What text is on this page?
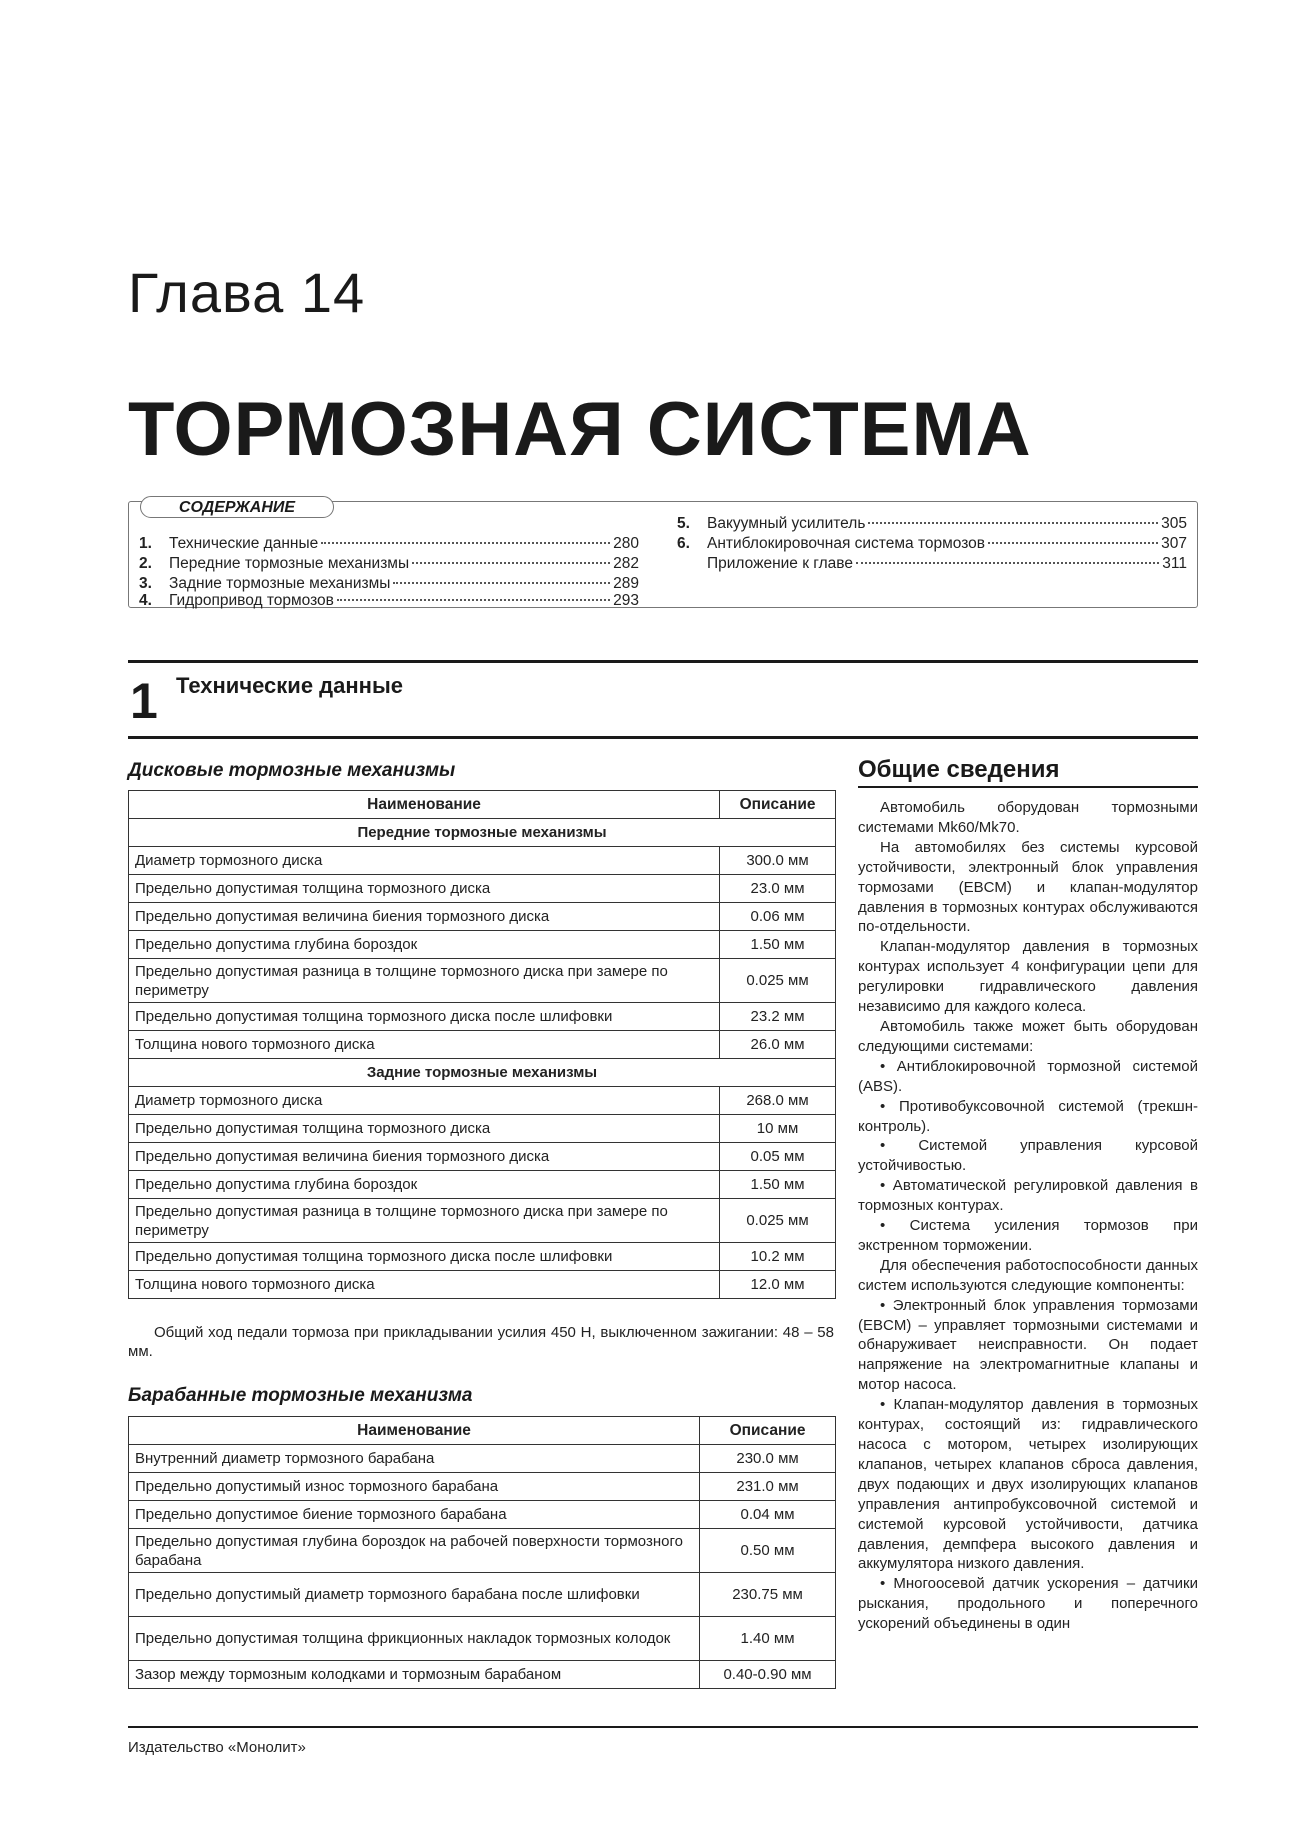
Глава 14
ТОРМОЗНАЯ СИСТЕМА
1.	Технические данные	280
2.	Передние тормозные механизмы	282
3.	Задние тормозные механизмы	289
4.	Гидропривод тормозов	293
5.	Вакуумный усилитель	305
6.	Антиблокировочная система тормозов	307
Приложение к главе	311
СОДЕРЖАНИЕ
1 Технические данные
Дисковые тормозные механизмы
Наименование	Описание
Передние тормозные механизмы	
Диаметр тормозного диска	300.0 мм
Предельно допустимая толщина тормозного диска	23.0 мм
Предельно допустимая величина биения тормозного диска	0.06 мм
Предельно допустима глубина бороздок	1.50 мм
Предельно допустимая разница в толщине тормозного диска при замере по периметру	0.025 мм
Предельно допустимая толщина тормозного диска после шлифовки	23.2 мм
Толщина нового тормозного диска	26.0 мм
Задние тормозные механизмы	
Диаметр тормозного диска	268.0 мм
Предельно допустимая толщина тормозного диска	10 мм
Предельно допустимая величина биения тормозного диска	0.05 мм
Предельно допустима глубина бороздок	1.50 мм
Предельно допустимая разница в толщине тормозного диска при замере по периметру	0.025 мм
Предельно допустимая толщина тормозного диска после шлифовки	10.2 мм
Толщина нового тормозного диска	12.0 мм

Общий ход педали тормоза при прикладывании усилия 450 Н, выключенном зажигании: 48 – 58 мм.

Барабанные тормозные механизма
Наименование	Описание
Внутренний диаметр тормозного барабана	230.0 мм
Предельно допустимый износ тормозного барабана	231.0 мм
Предельно допустимое биение тормозного барабана	0.04 мм
Предельно допустимая глубина бороздок на рабочей поверхности тормозного барабана	0.50 мм
Предельно допустимый диаметр тормозного барабана после шлифовки	230.75 мм
Предельно допустимая толщина фрикционных накладок тормозных колодок	1.40 мм
Зазор между тормозным колодками и тормозным барабаном	0.40-0.90 мм
Общие сведения

Автомобиль оборудован тормозными системами Mk60/Mk70.

На автомобилях без системы курсовой устойчивости, электронный блок управления тормозами (EBCM) и клапан-модулятор давления в тормозных контурах обслуживаются по-отдельности.

Клапан-модулятор давления в тормозных контурах использует 4 конфигурации цепи для регулировки гидравлического давления независимо для каждого колеса.

Автомобиль также может быть оборудован следующими системами:

• Антиблокировочной тормозной системой (ABS).

• Противобуксовочной системой (трекшн-контроль).

• Системой управления курсовой устойчивостью.

• Автоматической регулировкой давления в тормозных контурах.

• Система усиления тормозов при экстренном торможении.

Для обеспечения работоспособности данных систем используются следующие компоненты:

• Электронный блок управления тормозами (EBCM) – управляет тормозными системами и обнаруживает неисправности. Он подает напряжение на электромагнитные клапаны и мотор насоса.

• Клапан-модулятор давления в тормозных контурах, состоящий из: гидравлического насоса с мотором, четырех изолирующих клапанов, четырех клапанов сброса давления, двух подающих и двух изолирующих клапанов управления антипробуксовочной системой и системой курсовой устойчивости, датчика давления, демпфера высокого давления и аккумулятора низкого давления.

• Многоосевой датчик ускорения – датчики рыскания, продольного и поперечного ускорений объединены в один

Издательство «Монолит»
